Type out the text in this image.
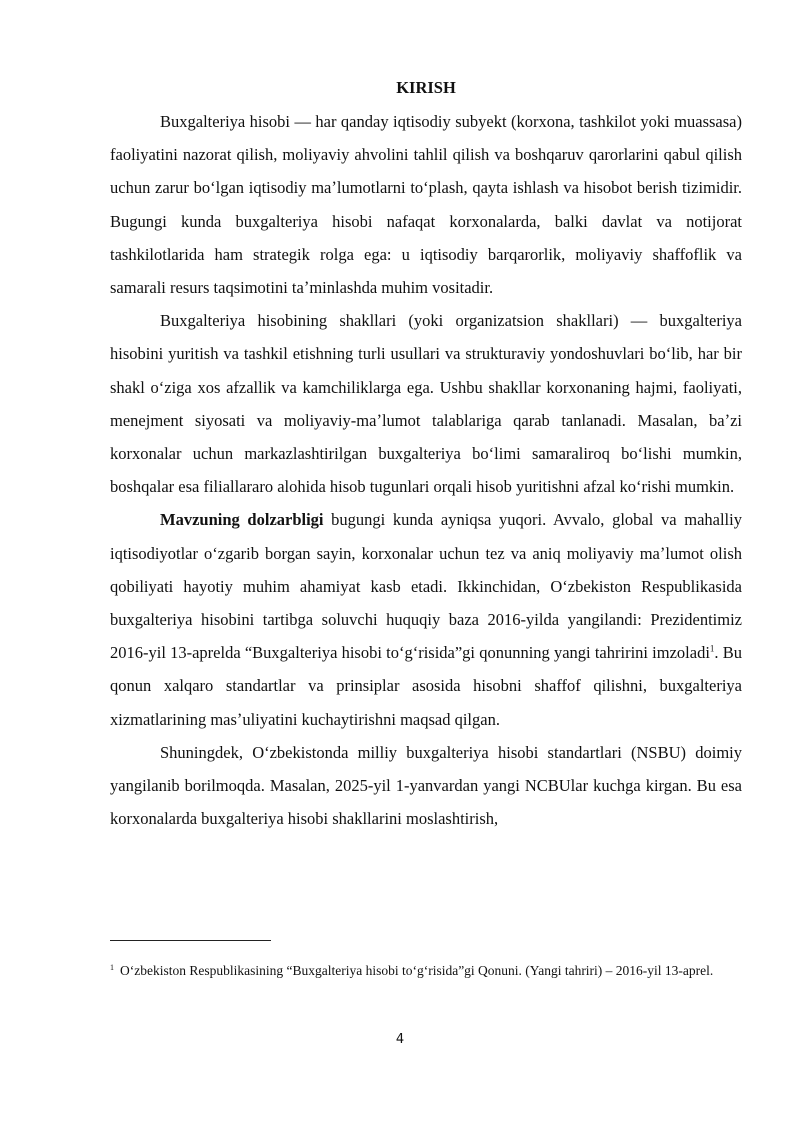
KIRISH

Buxgalteriya hisobi — har qanday iqtisodiy subyekt (korxona, tashkilot yoki muassasa) faoliyatini nazorat qilish, moliyaviy ahvolini tahlil qilish va boshqaruv qarorlarini qabul qilish uchun zarur boʻlgan iqtisodiy maʼlumotlarni toʻplash, qayta ishlash va hisobot berish tizimidir. Bugungi kunda buxgalteriya hisobi nafaqat korxonalarda, balki davlat va notijorat tashkilotlarida ham strategik rolga ega: u iqtisodiy barqarorlik, moliyaviy shaffoflik va samarali resurs taqsimotini taʼminlashda muhim vositadir.

Buxgalteriya hisobining shakllari (yoki organizatsion shakllari) — buxgalteriya hisobini yuritish va tashkil etishning turli usullari va strukturaviy yondoshuvlari boʻlib, har bir shakl oʻziga xos afzallik va kamchiliklarga ega. Ushbu shakllar korxonaning hajmi, faoliyati, menejment siyosati va moliyaviy-maʼlumot talablariga qarab tanlanadi. Masalan, baʼzi korxonalar uchun markazlashtirilgan buxgalteriya boʻlimi samaraliroq boʻlishi mumkin, boshqalar esa filiallararo alohida hisob tugunlari orqali hisob yuritishni afzal koʻrishi mumkin.

Mavzuning dolzarbligi bugungi kunda ayniqsa yuqori. Avvalo, global va mahalliy iqtisodiyotlar oʻzgarib borgan sayin, korxonalar uchun tez va aniq moliyaviy maʼlumot olish qobiliyati hayotiy muhim ahamiyat kasb etadi. Ikkinchidan, Oʻzbekiston Respublikasida buxgalteriya hisobini tartibga soluvchi huquqiy baza 2016-yilda yangilandi: Prezidentimiz 2016-yil 13-aprelda “Buxgalteriya hisobi toʻgʻrisida”gi qonunning yangi tahririni imzoladi$^1$. Bu qonun xalqaro standartlar va prinsiplar asosida hisobni shaffof qilishni, buxgalteriya xizmatlarining masʼuliyatini kuchaytirishni maqsad qilgan.

Shuningdek, Oʻzbekistonda milliy buxgalteriya hisobi standartlari (NSBU) doimiy yangilanib borilmoqda. Masalan, 2025-yil 1-yanvardan yangi NCBUlar kuchga kirgan. Bu esa korxonalarda buxgalteriya hisobi shakllarini moslashtirish,

$^1$ Oʻzbekiston Respublikasining “Buxgalteriya hisobi toʻgʻrisida”gi Qonuni. (Yangi tahriri) – 2016-yil 13-aprel.
4
